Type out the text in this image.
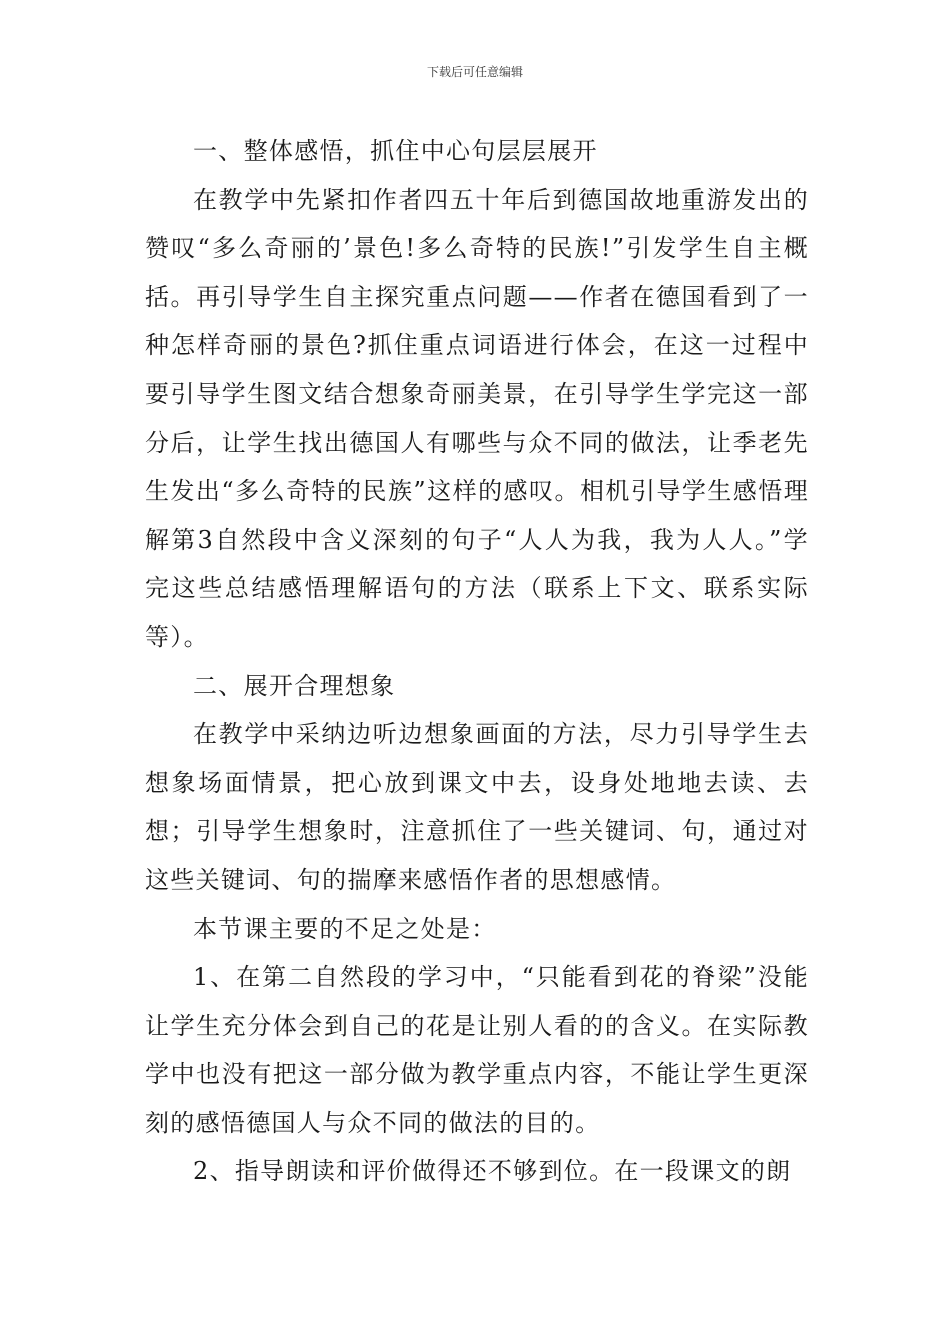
下载后可任意编辑

一、整体感悟，抓住中心句层层展开

在教学中先紧扣作者四五十年后到德国故地重游发出的赞叹“多么奇丽的’景色!多么奇特的民族!”引发学生自主概括。再引导学生自主探究重点问题——作者在德国看到了一种怎样奇丽的景色?抓住重点词语进行体会，在这一过程中要引导学生图文结合想象奇丽美景，在引导学生学完这一部分后，让学生找出德国人有哪些与众不同的做法，让季老先生发出“多么奇特的民族”这样的感叹。相机引导学生感悟理解第3自然段中含义深刻的句子“人人为我，我为人人。”学完这些总结感悟理解语句的方法（联系上下文、联系实际等）。

二、展开合理想象

在教学中采纳边听边想象画面的方法，尽力引导学生去想象场面情景，把心放到课文中去，设身处地地去读、去想；引导学生想象时，注意抓住了一些关键词、句，通过对这些关键词、句的揣摩来感悟作者的思想感情。

本节课主要的不足之处是：

1、在第二自然段的学习中，“只能看到花的脊梁”没能让学生充分体会到自己的花是让别人看的的含义。在实际教学中也没有把这一部分做为教学重点内容，不能让学生更深刻的感悟德国人与众不同的做法的目的。

2、指导朗读和评价做得还不够到位。在一段课文的朗
